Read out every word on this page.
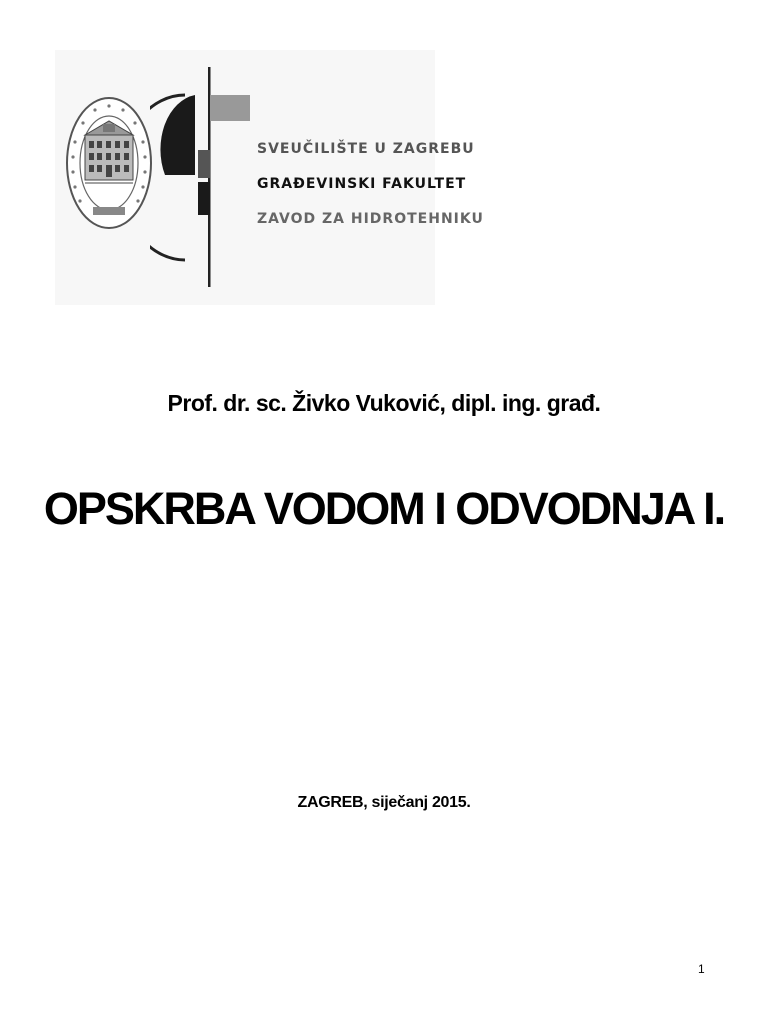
SVEUČILIŠTE U ZAGREBU
GRAĐEVINSKI FAKULTET
ZAVOD ZA HIDROTEHNIKU
Prof. dr. sc. Živko Vuković, dipl. ing. građ.
OPSKRBA VODOM I ODVODNJA I.
ZAGREB, siječanj 2015.
1
